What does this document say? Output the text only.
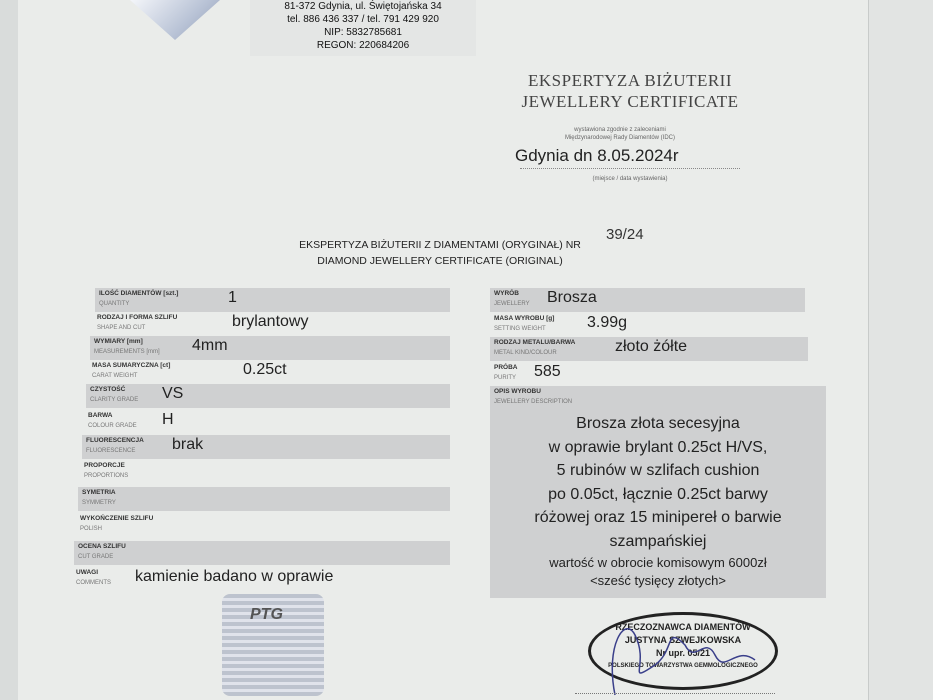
81-372 Gdynia, ul. Świętojańska 34
tel. 886 436 337 / tel. 791 429 920
NIP: 5832785681
REGON: 220684206
EKSPERTYZA BIŻUTERII
JEWELLERY CERTIFICATE
wystawiona zgodnie z zaleceniami
Międzynarodowej Rady Diamentów (IDC)
Gdynia dn 8.05.2024r
(miejsce / data wystawienia)
EKSPERTYZA BIŻUTERII Z DIAMENTAMI (ORYGINAŁ) NR
DIAMOND JEWELLERY CERTIFICATE (ORIGINAL)
39/24
ILOŚĆ DIAMENTÓW [szt.]
QUANTITY	1
RODZAJ I FORMA SZLIFU
SHAPE AND CUT	brylantowy
WYMIARY [mm]
MEASUREMENTS [mm] 4mm
MASA SUMARYCZNA [ct]
CARAT WEIGHT	0.25ct
CZYSTOŚĆ
CLARITY GRADE VS
BARWA
COLOUR GRADE H
FLUORESCENCJA
FLUORESCENCE brak
PROPORCJE
PROPORTIONS
SYMETRIA
SYMMETRY
WYKOŃCZENIE SZLIFU
POLISH
OCENA SZLIFU
CUT GRADE
UWAGI
COMMENTS kamienie badano w oprawie
WYRÓB
JEWELLERY Brosza
MASA WYROBU [g]
SETTING WEIGHT	3.99g
RODZAJ METALU/BARWA
METAL KIND/COLOUR	złoto żółte
PRÓBA
PURITY 585
OPIS WYROBU
JEWELLERY DESCRIPTION
Brosza złota secesyjna
w oprawie brylant 0.25ct H/VS,
5 rubinów w szlifach cushion
po 0.05ct, łącznie 0.25ct barwy
różowej oraz 15 minipereł o barwie
szampańskiej
wartość w obrocie komisowym 6000zł
<sześć tysięcy złotych>
PTG
RZECZOZNAWCA DIAMENTÓW
JUSTYNA SZWEJKOWSKA
Nr upr. 05/21
POLSKIEGO TOWARZYSTWA GEMMOLOGICZNEGO
